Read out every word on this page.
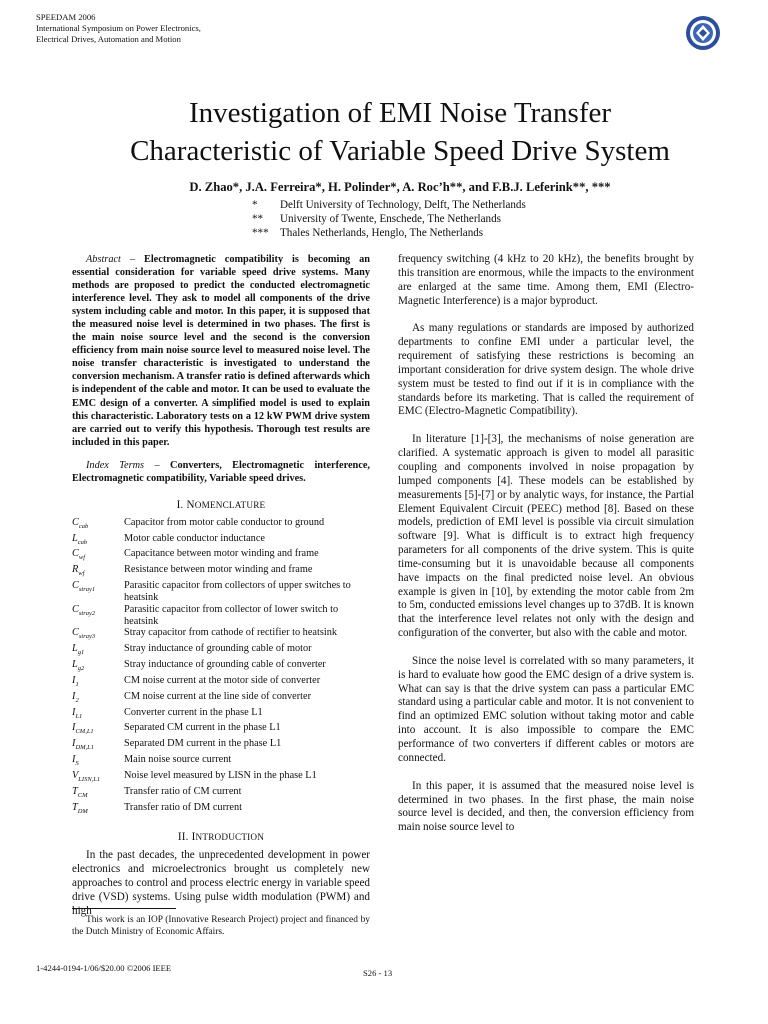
SPEEDAM 2006
International Symposium on Power Electronics,
Electrical Drives, Automation and Motion
Investigation of EMI Noise Transfer
Characteristic of Variable Speed Drive System
D. Zhao*, J.A. Ferreira*, H. Polinder*, A. Roc’h**, and F.B.J. Leferink**, ***
*	Delft University of Technology, Delft, The Netherlands
**	University of Twente, Enschede, The Netherlands
***	Thales Netherlands, Henglo, The Netherlands

Abstract – Electromagnetic compatibility is becoming an essential consideration for variable speed drive systems. Many methods are proposed to predict the conducted electromagnetic interference level. They ask to model all components of the drive system including cable and motor. In this paper, it is supposed that the measured noise level is determined in two phases. The first is the main noise source level and the second is the conversion efficiency from main noise source level to measured noise level. The noise transfer characteristic is investigated to understand the conversion mechanism. A transfer ratio is defined afterwards which is independent of the cable and motor. It can be used to evaluate the EMC design of a converter. A simplified model is used to explain this characteristic. Laboratory tests on a 12 kW PWM drive system are carried out to verify this hypothesis. Thorough test results are included in this paper.

Index Terms – Converters, Electromagnetic interference, Electromagnetic compatibility, Variable speed drives.

I. NOMENCLATURE
$C_{cab}$	Capacitor from motor cable conductor to ground
$L_{cab}$	Motor cable conductor inductance
$C_{wf}$	Capacitance between motor winding and frame
$R_{wf}$	Resistance between motor winding and frame
$C_{stray1}$	Parasitic capacitor from collectors of upper switches to heatsink
$C_{stray2}$	Parasitic capacitor from collector of lower switch to heatsink
$C_{stray3}$	Stray capacitor from cathode of rectifier to heatsink
$L_{g1}$	Stray inductance of grounding cable of motor
$L_{g2}$	Stray inductance of grounding cable of converter
$I_1$	CM noise current at the motor side of converter
$I_2$	CM noise current at the line side of converter
$I_{L1}$	Converter current in the phase L1
$I_{CM,L1}$	Separated CM current in the phase L1
$I_{DM,L1}$	Separated DM current in the phase L1
$I_S$	Main noise source current
$V_{LISN,L1}$	Noise level measured by LISN in the phase L1
$T_{CM}$	Transfer ratio of CM current
$T_{DM}$	Transfer ratio of DM current
II. INTRODUCTION

In the past decades, the unprecedented development in power electronics and microelectronics brought us completely new approaches to control and process electric energy in variable speed drive (VSD) systems. Using pulse width modulation (PWM) and high

frequency switching (4 kHz to 20 kHz), the benefits brought by this transition are enormous, while the impacts to the environment are enlarged at the same time. Among them, EMI (Electro-Magnetic Interference) is a major byproduct.

As many regulations or standards are imposed by authorized departments to confine EMI under a particular level, the requirement of satisfying these restrictions is becoming an important consideration for drive system design. The whole drive system must be tested to find out if it is in compliance with the standards before its marketing. That is called the requirement of EMC (Electro-Magnetic Compatibility).

In literature [1]-[3], the mechanisms of noise generation are clarified. A systematic approach is given to model all parasitic coupling and components involved in noise propagation by lumped components [4]. These models can be established by measurements [5]-[7] or by analytic ways, for instance, the Partial Element Equivalent Circuit (PEEC) method [8]. Based on these models, prediction of EMI level is possible via circuit simulation software [9]. What is difficult is to extract high frequency parameters for all components of the drive system. This is quite time-consuming but it is unavoidable because all components have impacts on the final predicted noise level. An obvious example is given in [10], by extending the motor cable from 2m to 5m, conducted emissions level changes up to 37dB. It is known that the interference level relates not only with the design and configuration of the converter, but also with the cable and motor.

Since the noise level is correlated with so many parameters, it is hard to evaluate how good the EMC design of a drive system is. What can say is that the drive system can pass a particular EMC standard using a particular cable and motor. It is not convenient to find an optimized EMC solution without taking motor and cable into account. It is also impossible to compare the EMC performance of two converters if different cables or motors are connected.

In this paper, it is assumed that the measured noise level is determined in two phases. In the first phase, the main noise source level is decided, and then, the conversion efficiency from main noise source level to

This work is an IOP (Innovative Research Project) project and financed by the Dutch Ministry of Economic Affairs.
1-4244-0194-1/06/$20.00 ©2006 IEEE	S26 - 13
